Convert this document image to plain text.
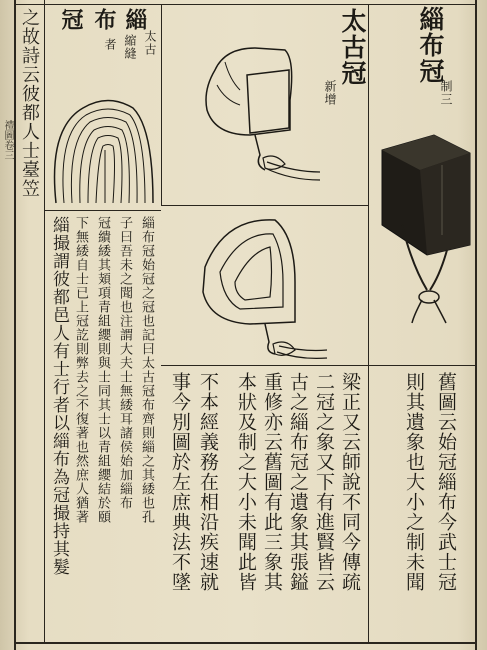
禮圖卷三
緇布冠
制三
太古冠
新增
緇
太古
縮縫
布
者
冠
之故詩云彼都人士臺笠
緇撮謂彼都邑人有士行者以緇布為冠撮持其髮	緇布冠始冠之冠也記曰太古冠布齊則緇之其緌也孔
子曰吾未之聞也注謂大夫士無緌耳諸侯始加緇布
冠繢緌其頍項青組纓則與士同其士以青組纓結於頤
下無緌自士已上冠訖則弊去之不復著也然庶人猶著	舊圖云始冠緇布今武士冠
則其遺象也大小之制未聞
梁正又云師說不同今傳疏
二冠之象又下有進賢皆云
古之緇布冠之遺象其張鎰
重修亦云舊圖有此三象其
本狀及制之大小未聞此皆
不本經義務在相沿疾速就
事今別圖於左庶典法不墜
